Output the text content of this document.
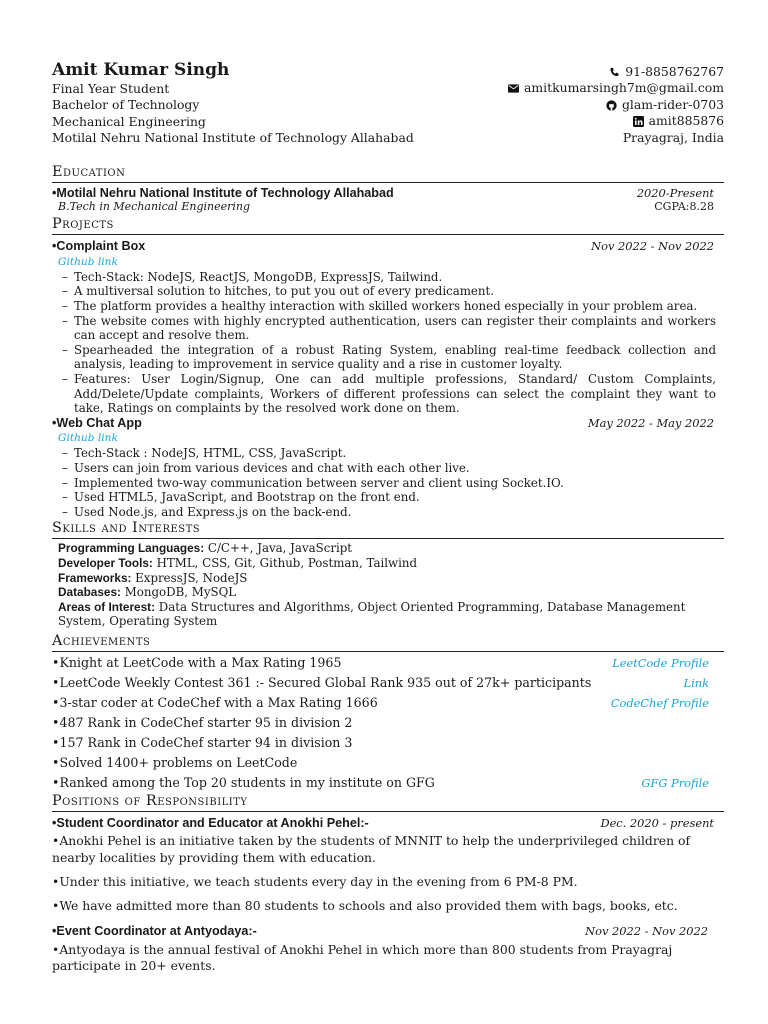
Amit Kumar Singh
Final Year Student
Bachelor of Technology
Mechanical Engineering
Motilal Nehru National Institute of Technology Allahabad
91-8858762767
amitkumarsingh7m@gmail.com
glam-rider-0703
amit885876
Prayagraj, India
Education
•Motilal Nehru National Institute of Technology Allahabad	2020-Present
B.Tech in Mechanical Engineering	CGPA:8.28
Projects
•Complaint Box	Nov 2022 - Nov 2022
Github link
– Tech-Stack: NodeJS, ReactJS, MongoDB, ExpressJS, Tailwind.
– A multiversal solution to hitches, to put you out of every predicament.
– The platform provides a healthy interaction with skilled workers honed especially in your problem area.
– The website comes with highly encrypted authentication, users can register their complaints and workers can accept and resolve them.
– Spearheaded the integration of a robust Rating System, enabling real-time feedback collection and analysis, leading to improvement in service quality and a rise in customer loyalty.
– Features: User Login/Signup, One can add multiple professions, Standard/ Custom Complaints, Add/Delete/Update complaints, Workers of different professions can select the complaint they want to take, Ratings on complaints by the resolved work done on them.
•Web Chat App	May 2022 - May 2022
Github link
– Tech-Stack : NodeJS, HTML, CSS, JavaScript.
– Users can join from various devices and chat with each other live.
– Implemented two-way communication between server and client using Socket.IO.
– Used HTML5, JavaScript, and Bootstrap on the front end.
– Used Node.js, and Express.js on the back-end.
Skills and Interests
Programming Languages: C/C++, Java, JavaScript
Developer Tools: HTML, CSS, Git, Github, Postman, Tailwind
Frameworks: ExpressJS, NodeJS
Databases: MongoDB, MySQL
Areas of Interest: Data Structures and Algorithms, Object Oriented Programming, Database Management System, Operating System
Achievements
•Knight at LeetCode with a Max Rating 1965	LeetCode Profile
•LeetCode Weekly Contest 361 :- Secured Global Rank 935 out of 27k+ participants	Link
•3-star coder at CodeChef with a Max Rating 1666	CodeChef Profile
•487 Rank in CodeChef starter 95 in division 2
•157 Rank in CodeChef starter 94 in division 3
•Solved 1400+ problems on LeetCode
•Ranked among the Top 20 students in my institute on GFG	GFG Profile
Positions of Responsibility
•Student Coordinator and Educator at Anokhi Pehel:-	Dec. 2020 - present
•Anokhi Pehel is an initiative taken by the students of MNNIT to help the underprivileged children of nearby localities by providing them with education.
•Under this initiative, we teach students every day in the evening from 6 PM-8 PM.
•We have admitted more than 80 students to schools and also provided them with bags, books, etc.
•Event Coordinator at Antyodaya:-	Nov 2022 - Nov 2022
•Antyodaya is the annual festival of Anokhi Pehel in which more than 800 students from Prayagraj participate in 20+ events.
